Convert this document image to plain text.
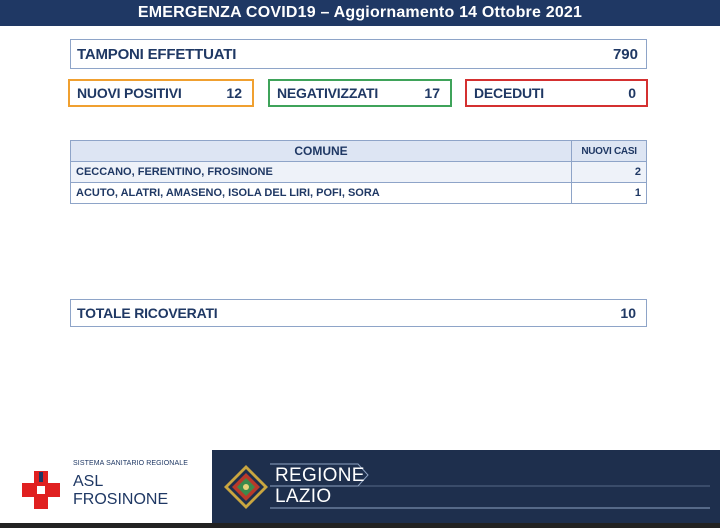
EMERGENZA COVID19 – Aggiornamento 14 Ottobre 2021
TAMPONI EFFETTUATI	790
NUOVI POSITIVI	12	NEGATIVIZZATI	17 DECEDUTI	0
COMUNE	NUOVI CASI
CECCANO, FERENTINO, FROSINONE	2
ACUTO, ALATRI, AMASENO, ISOLA DEL LIRI, POFI, SORA	1
TOTALE RICOVERATI	10
SISTEMA SANITARIO REGIONALE
ASL
FROSINONE
REGIONE
LAZIO
